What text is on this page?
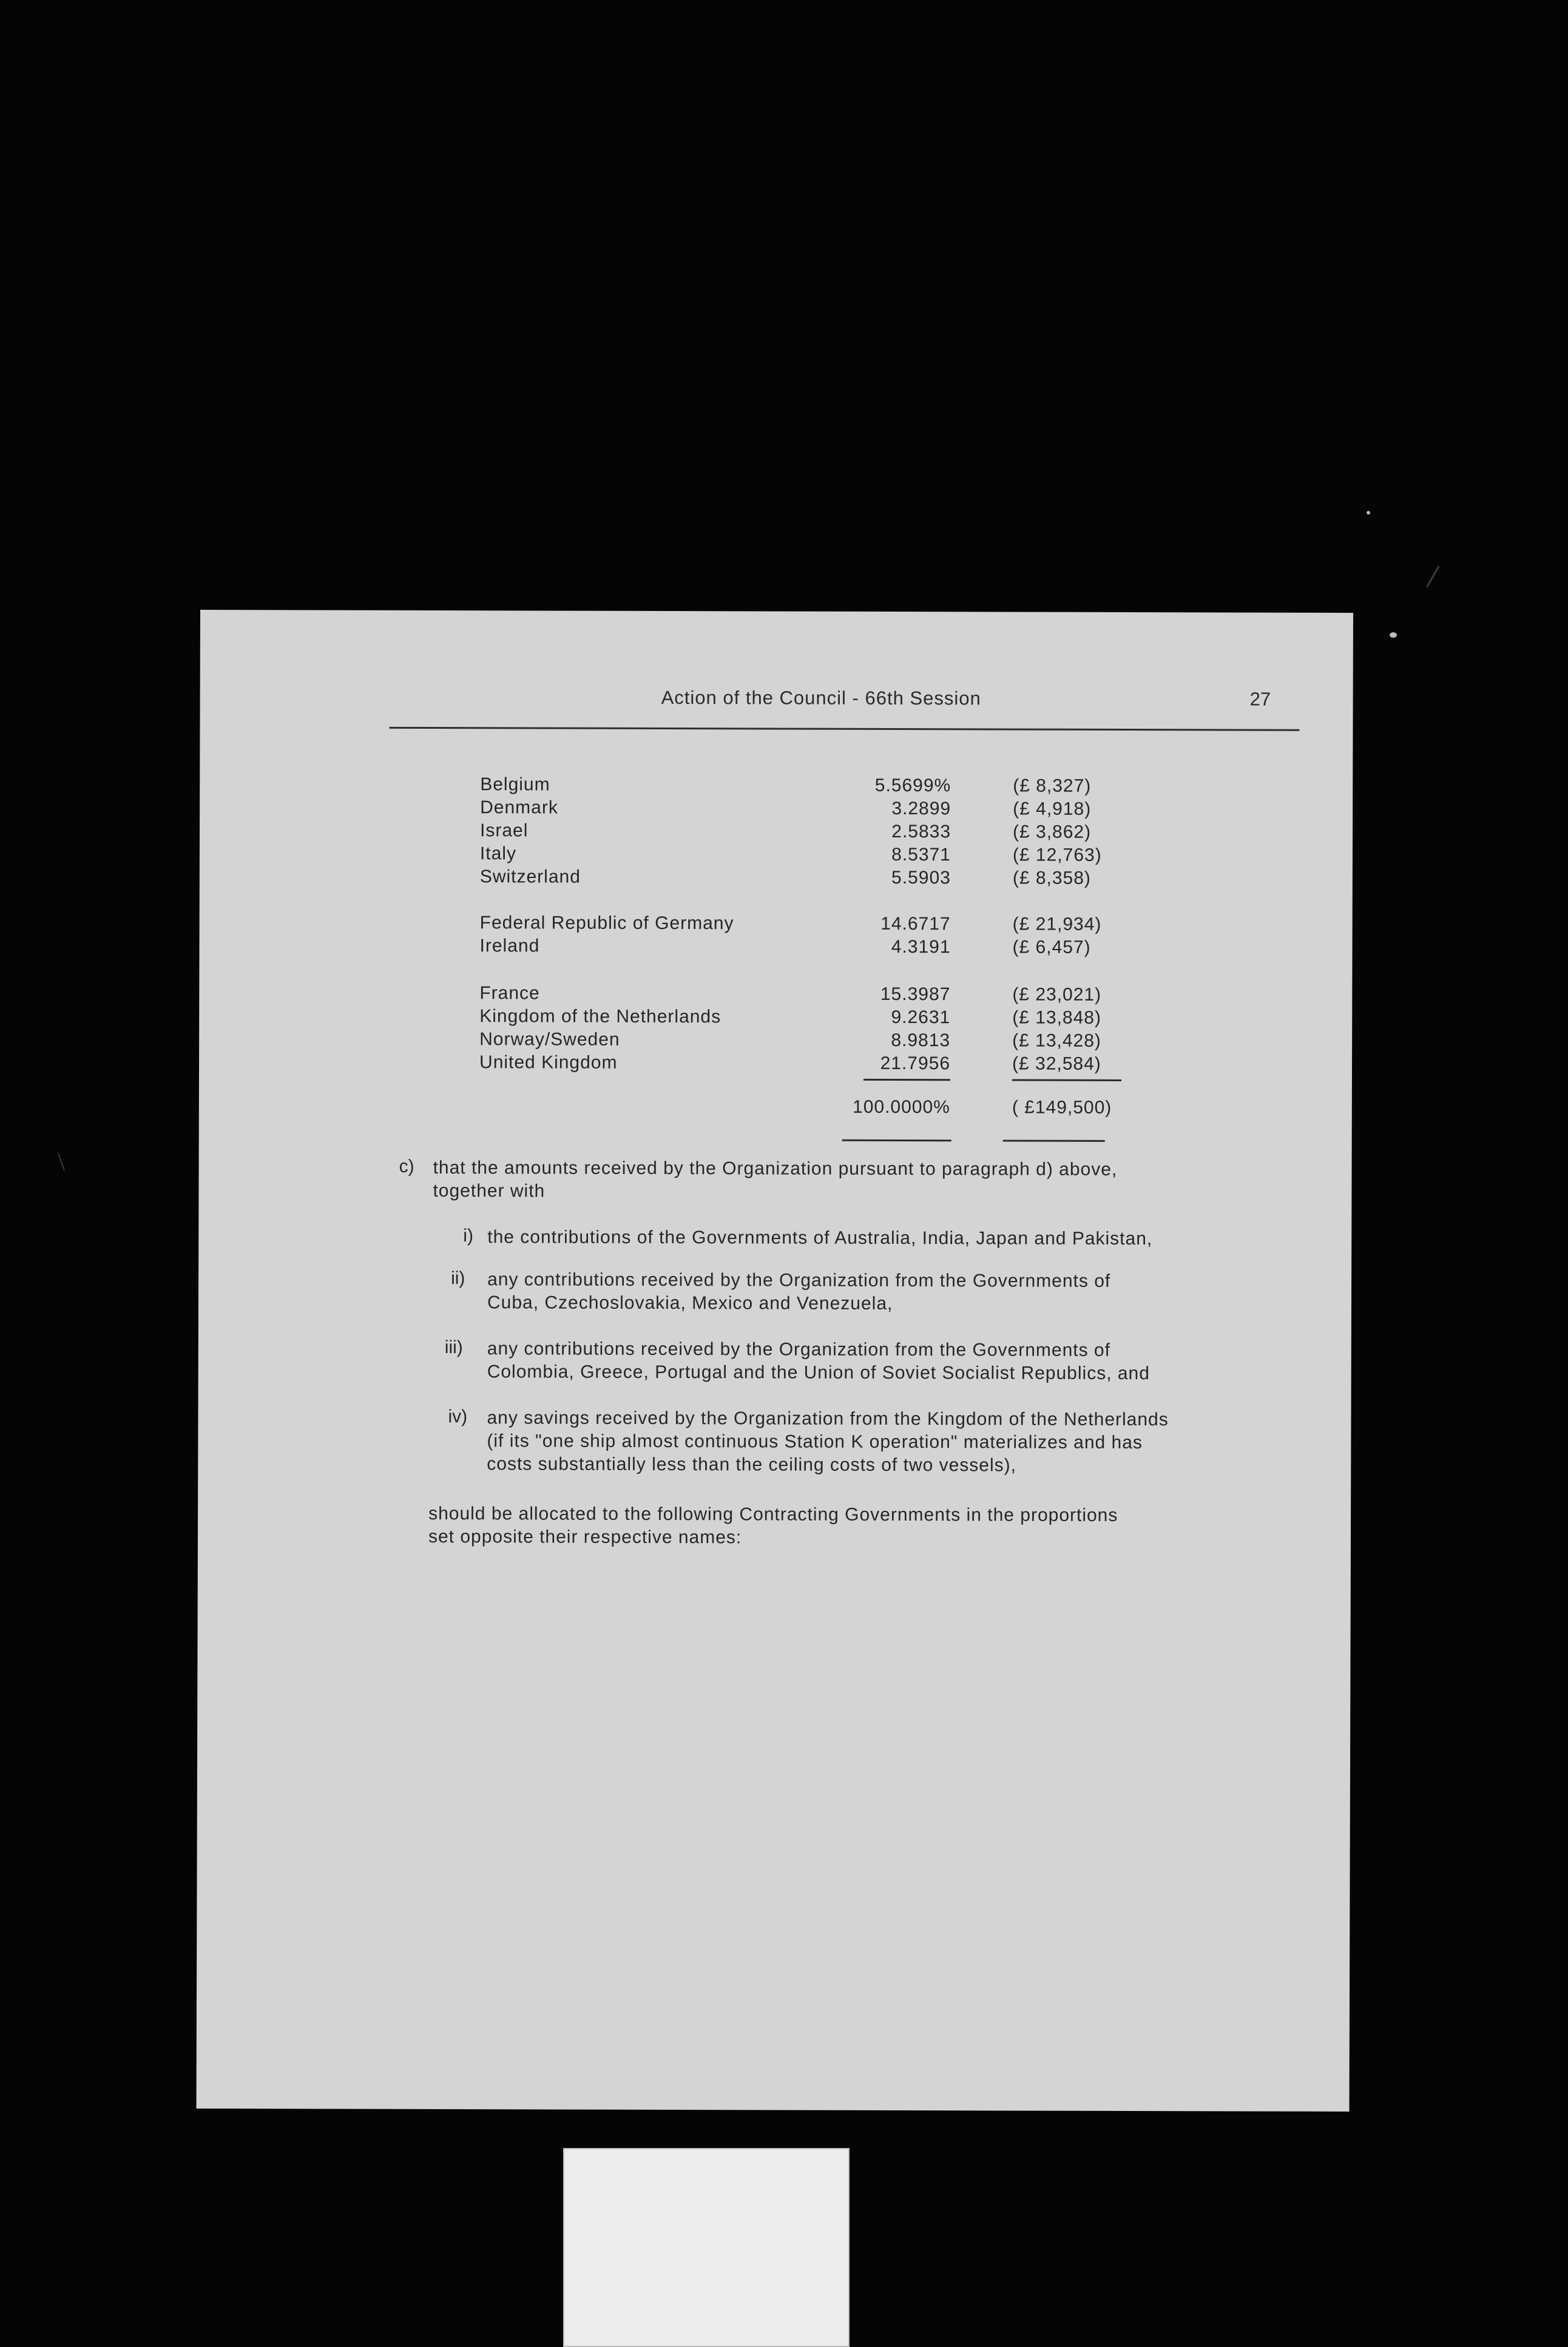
Action of the Council - 66th Session	27
Belgium	5.5699%	(£ 8,327)
Denmark	3.2899	(£ 4,918)
Israel	2.5833	(£ 3,862)
Italy	8.5371	(£ 12,763)
Switzerland	5.5903	(£ 8,358)
Federal Republic of Germany	14.6717	(£ 21,934)
Ireland	4.3191	(£ 6,457)
France	15.3987	(£ 23,021)
Kingdom of the Netherlands	9.2631	(£ 13,848)
Norway/Sweden	8.9813	(£ 13,428)
United Kingdom	21.7956	(£ 32,584)
100.0000%	( £149,500)
c) that the amounts received by the Organization pursuant to paragraph d) above,
together with
i) the contributions of the Governments of Australia, India, Japan and Pakistan,
ii) any contributions received by the Organization from the Governments of
Cuba, Czechoslovakia, Mexico and Venezuela,
iii) any contributions received by the Organization from the Governments of
Colombia, Greece, Portugal and the Union of Soviet Socialist Republics, and
iv) any savings received by the Organization from the Kingdom of the Netherlands
(if its "one ship almost continuous Station K operation" materializes and has
costs substantially less than the ceiling costs of two vessels),
should be allocated to the following Contracting Governments in the proportions
set opposite their respective names:
